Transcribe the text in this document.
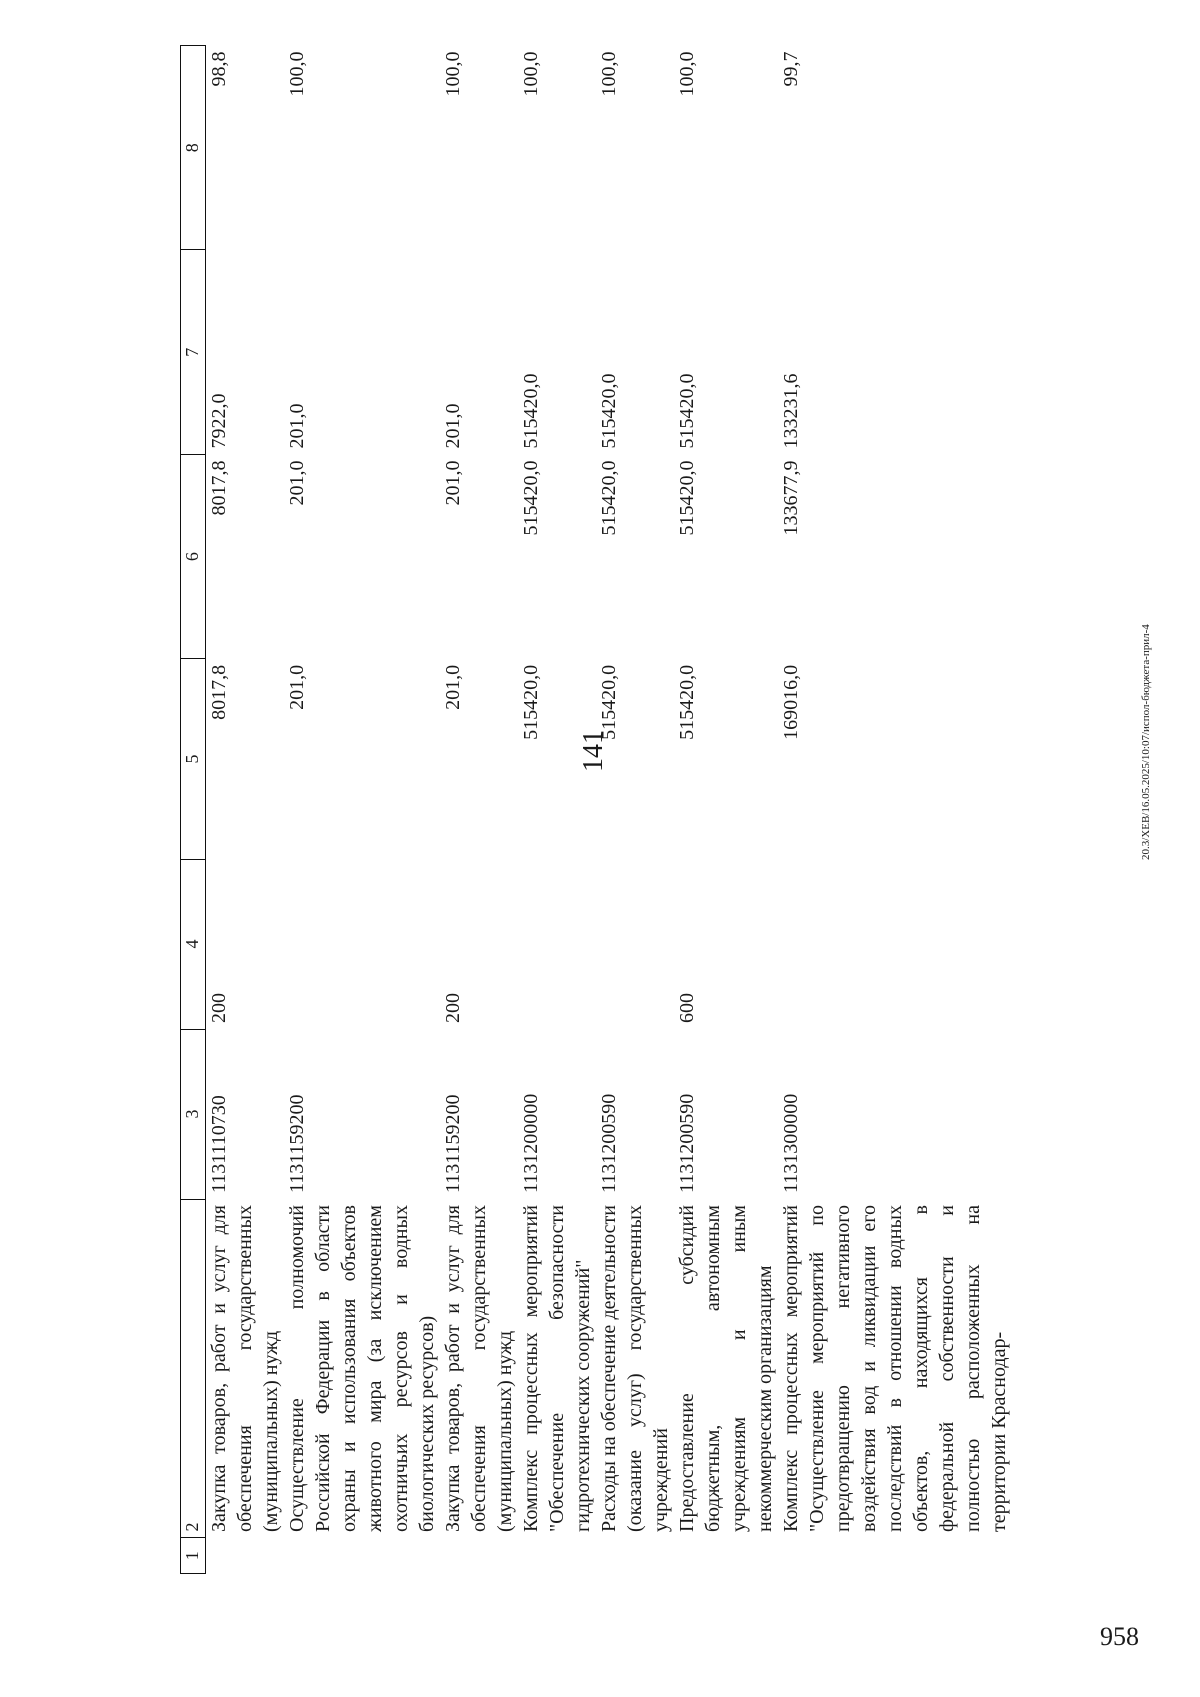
141
1	2	3	4	5	6	7	8
	Закупка товаров, работ и услуг для обеспечения государственных (муниципальных) нужд	1131110730	200	8017,8	8017,8	7922,0	98,8
	Осуществление полномочий Российской Федерации в области охраны и использования объектов животного мира (за исключением охотничьих ресурсов и водных биологических ресурсов)	1131159200		201,0	201,0	201,0	100,0
	Закупка товаров, работ и услуг для обеспечения государственных (муниципальных) нужд	1131159200	200	201,0	201,0	201,0	100,0
	Комплекс процессных мероприятий "Обеспечение безопасности гидротехнических сооружений"	1131200000		515420,0	515420,0	515420,0	100,0
	Расходы на обеспечение деятельности (оказание услуг) государственных учреждений	1131200590		515420,0	515420,0	515420,0	100,0
	Предоставление субсидий бюджетным, автономным учреждениям и иным некоммерческим организациям	1131200590	600	515420,0	515420,0	515420,0	100,0
	Комплекс процессных мероприятий "Осуществление мероприятий по предотвращению негативного воздействия вод и ликвидации его последствий в отношении водных объектов, находящихся в федеральной собственности и полностью расположенных на территории Краснодар-	1131300000		169016,0	133677,9	133231,6	99,7
20.3/XEB/16.05.2025/10:07/испол-бюджета-прил-4
958
